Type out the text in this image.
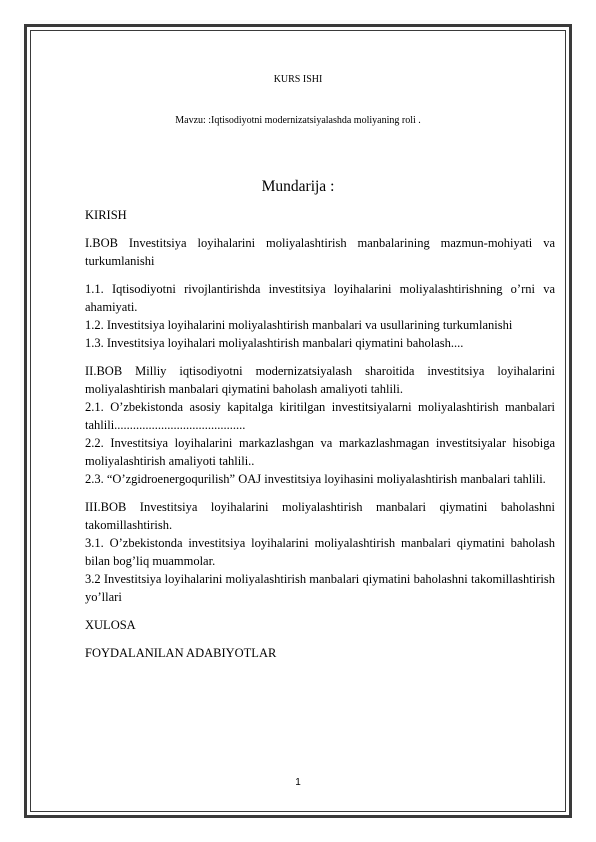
KURS ISHI
Mavzu: :Iqtisodiyotni modernizatsiyalashda moliyaning roli .
Mundarija :

KIRISH

I.BOB Investitsiya loyihalarini moliyalashtirish manbalarining mazmun-mohiyati va turkumlanishi

1.1. Iqtisodiyotni rivojlantirishda investitsiya loyihalarini moliyalashtirishning o’rni va ahamiyati.

1.2. Investitsiya loyihalarini moliyalashtirish manbalari va usullarining turkumlanishi

1.3. Investitsiya loyihalari moliyalashtirish manbalari qiymatini baholash....

II.BOB Milliy iqtisodiyotni modernizatsiyalash sharoitida investitsiya loyihalarini moliyalashtirish manbalari qiymatini baholash amaliyoti tahlili.

2.1. O’zbekistonda asosiy kapitalga kiritilgan investitsiyalarni moliyalashtirish manbalari tahlili..........................................

2.2. Investitsiya loyihalarini markazlashgan va markazlashmagan investitsiyalar hisobiga moliyalashtirish amaliyoti tahlili..

2.3. “O’zgidroenergoqurilish” OAJ investitsiya loyihasini moliyalashtirish manbalari tahlili.

III.BOB Investitsiya loyihalarini moliyalashtirish manbalari qiymatini baholashni takomillashtirish.

3.1. O’zbekistonda investitsiya loyihalarini moliyalashtirish manbalari qiymatini baholash bilan bog’liq muammolar.

3.2 Investitsiya loyihalarini moliyalashtirish manbalari qiymatini baholashni takomillashtirish yo’llari

XULOSA

FOYDALANILAN ADABIYOTLAR

1
